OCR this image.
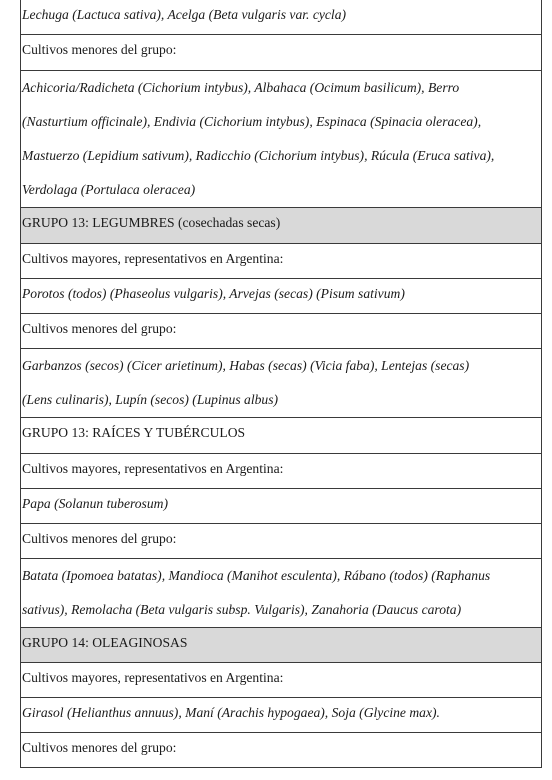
Lechuga (Lactuca sativa), Acelga (Beta vulgaris var. cycla)
Cultivos menores del grupo:
Achicoria/Radicheta (Cichorium intybus), Albahaca (Ocimum basilicum), Berro
(Nasturtium officinale), Endivia (Cichorium intybus), Espinaca (Spinacia oleracea),
Mastuerzo (Lepidium sativum), Radicchio (Cichorium intybus), Rúcula (Eruca sativa),
Verdolaga (Portulaca oleracea)
GRUPO 13: LEGUMBRES (cosechadas secas)
Cultivos mayores, representativos en Argentina:
Porotos (todos) (Phaseolus vulgaris), Arvejas (secas) (Pisum sativum)
Cultivos menores del grupo:
Garbanzos (secos) (Cicer arietinum), Habas (secas) (Vicia faba), Lentejas (secas)
(Lens culinaris), Lupín (secos) (Lupinus albus)
GRUPO 13: RAÍCES Y TUBÉRCULOS
Cultivos mayores, representativos en Argentina:
Papa (Solanun tuberosum)
Cultivos menores del grupo:
Batata (Ipomoea batatas), Mandioca (Manihot esculenta), Rábano (todos) (Raphanus
sativus), Remolacha (Beta vulgaris subsp. Vulgaris), Zanahoria (Daucus carota)
GRUPO 14: OLEAGINOSAS
Cultivos mayores, representativos en Argentina:
Girasol (Helianthus annuus), Maní (Arachis hypogaea), Soja (Glycine max).
Cultivos menores del grupo:
